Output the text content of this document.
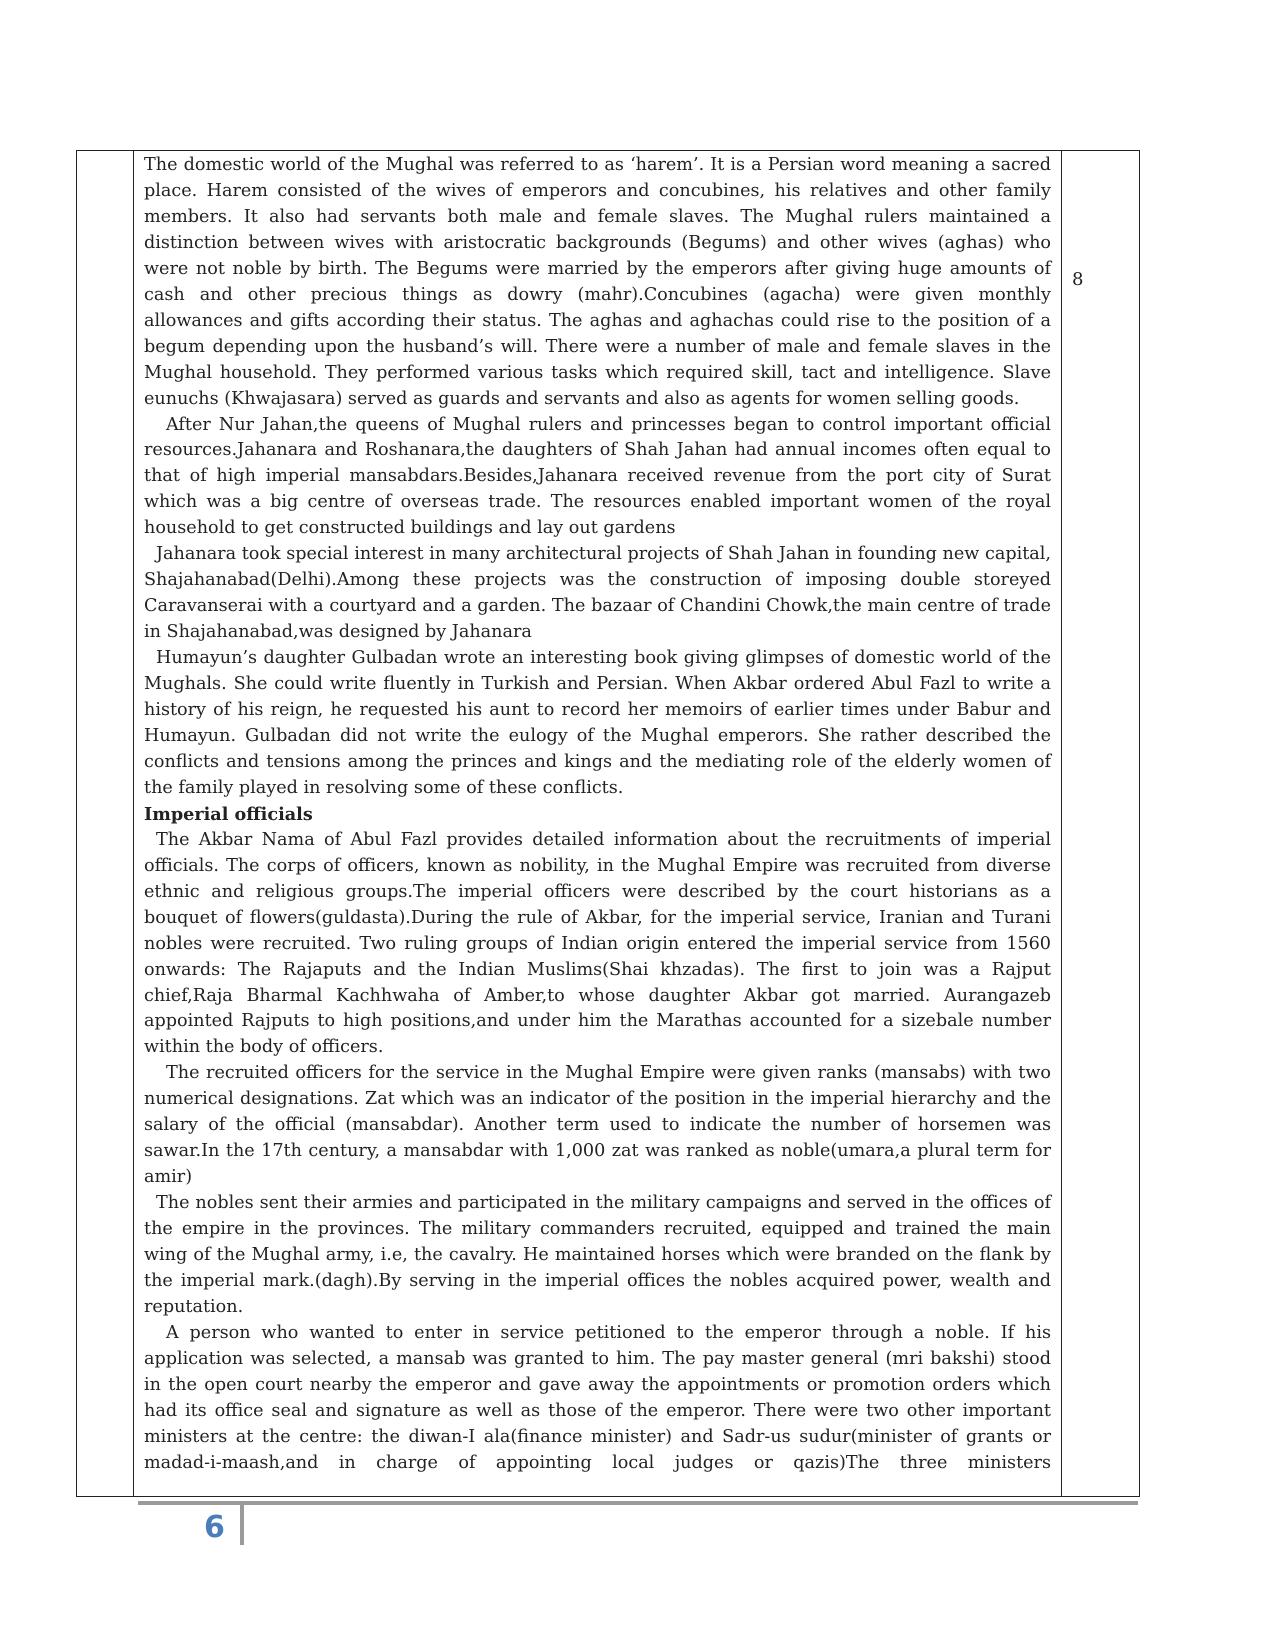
The domestic world of the Mughal was referred to as ‘harem’. It is a Persian word meaning a sacred place. Harem consisted of the wives of emperors and concubines, his relatives and other family members. It also had servants both male and female slaves. The Mughal rulers maintained a distinction between wives with aristocratic backgrounds (Begums) and other wives (aghas) who were not noble by birth. The Begums were married by the emperors after giving huge amounts of cash and other precious things as dowry (mahr).Concubines (agacha) were given monthly allowances and gifts according their status. The aghas and aghachas could rise to the position of a begum depending upon the husband’s will. There were a number of male and female slaves in the Mughal household. They performed various tasks which required skill, tact and intelligence. Slave eunuchs (Khwajasara) served as guards and servants and also as agents for women selling goods.

After Nur Jahan,the queens of Mughal rulers and princesses began to control important official resources.Jahanara and Roshanara,the daughters of Shah Jahan had annual incomes often equal to that of high imperial mansabdars.Besides,Jahanara received revenue from the port city of Surat which was a big centre of overseas trade. The resources enabled important women of the royal household to get constructed buildings and lay out gardens

Jahanara took special interest in many architectural projects of Shah Jahan in founding new capital, Shajahanabad(Delhi).Among these projects was the construction of imposing double storeyed Caravanserai with a courtyard and a garden. The bazaar of Chandini Chowk,the main centre of trade in Shajahanabad,was designed by Jahanara

Humayun’s daughter Gulbadan wrote an interesting book giving glimpses of domestic world of the Mughals. She could write fluently in Turkish and Persian. When Akbar ordered Abul Fazl to write a history of his reign, he requested his aunt to record her memoirs of earlier times under Babur and Humayun. Gulbadan did not write the eulogy of the Mughal emperors. She rather described the conflicts and tensions among the princes and kings and the mediating role of the elderly women of the family played in resolving some of these conflicts.

Imperial officials

The Akbar Nama of Abul Fazl provides detailed information about the recruitments of imperial officials. The corps of officers, known as nobility, in the Mughal Empire was recruited from diverse ethnic and religious groups.The imperial officers were described by the court historians as a bouquet of flowers(guldasta).During the rule of Akbar, for the imperial service, Iranian and Turani nobles were recruited. Two ruling groups of Indian origin entered the imperial service from 1560 onwards: The Rajaputs and the Indian Muslims(Shai khzadas). The first to join was a Rajput chief,Raja Bharmal Kachhwaha of Amber,to whose daughter Akbar got married. Aurangazeb appointed Rajputs to high positions,and under him the Marathas accounted for a sizebale number within the body of officers.

The recruited officers for the service in the Mughal Empire were given ranks (mansabs) with two numerical designations. Zat which was an indicator of the position in the imperial hierarchy and the salary of the official (mansabdar). Another term used to indicate the number of horsemen was sawar.In the 17th century, a mansabdar with 1,000 zat was ranked as noble(umara,a plural term for amir)

The nobles sent their armies and participated in the military campaigns and served in the offices of the empire in the provinces. The military commanders recruited, equipped and trained the main wing of the Mughal army, i.e, the cavalry. He maintained horses which were branded on the flank by the imperial mark.(dagh).By serving in the imperial offices the nobles acquired power, wealth and reputation.

A person who wanted to enter in service petitioned to the emperor through a noble. If his application was selected, a mansab was granted to him. The pay master general (mri bakshi) stood in the open court nearby the emperor and gave away the appointments or promotion orders which had its office seal and signature as well as those of the emperor. There were two other important ministers at the centre: the diwan-I ala(finance minister) and Sadr-us sudur(minister of grants or madad-i-maash,and in charge of appointing local judges or qazis)The three ministers

	8
6
